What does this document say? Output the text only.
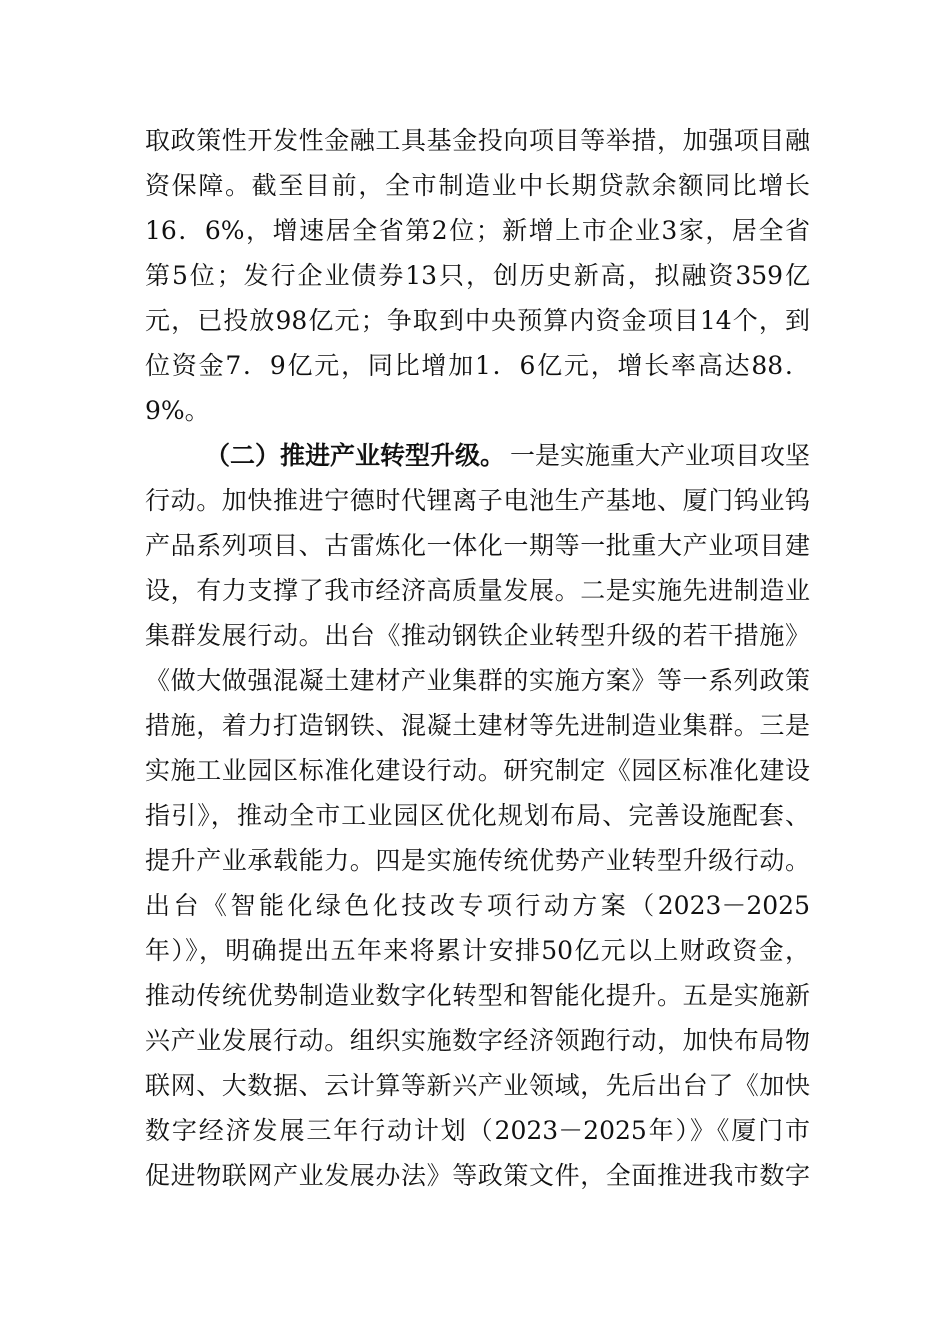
取政策性开发性金融工具基金投向项目等举措，加强项目融
资保障。截至目前，全市制造业中长期贷款余额同比增长
16．6%，增速居全省第2位；新增上市企业3家，居全省
第5位；发行企业债券13只，创历史新高，拟融资359亿
元，已投放98亿元；争取到中央预算内资金项目14个，到
位资金7．9亿元，同比增加1．6亿元，增长率高达88．
9%。
（二）推进产业转型升级。 一是实施重大产业项目攻坚
行动。加快推进宁德时代锂离子电池生产基地、厦门钨业钨
产品系列项目、古雷炼化一体化一期等一批重大产业项目建
设，有力支撑了我市经济高质量发展。二是实施先进制造业
集群发展行动。出台《推动钢铁企业转型升级的若干措施》
《做大做强混凝土建材产业集群的实施方案》等一系列政策
措施，着力打造钢铁、混凝土建材等先进制造业集群。三是
实施工业园区标准化建设行动。研究制定《园区标准化建设
指引》，推动全市工业园区优化规划布局、完善设施配套、
提升产业承载能力。四是实施传统优势产业转型升级行动。
出台《智能化绿色化技改专项行动方案（2023－2025
年）》，明确提出五年来将累计安排50亿元以上财政资金，
推动传统优势制造业数字化转型和智能化提升。五是实施新
兴产业发展行动。组织实施数字经济领跑行动，加快布局物
联网、大数据、云计算等新兴产业领域，先后出台了《加快
数字经济发展三年行动计划（2023－2025年）》《厦门市
促进物联网产业发展办法》等政策文件，全面推进我市数字
